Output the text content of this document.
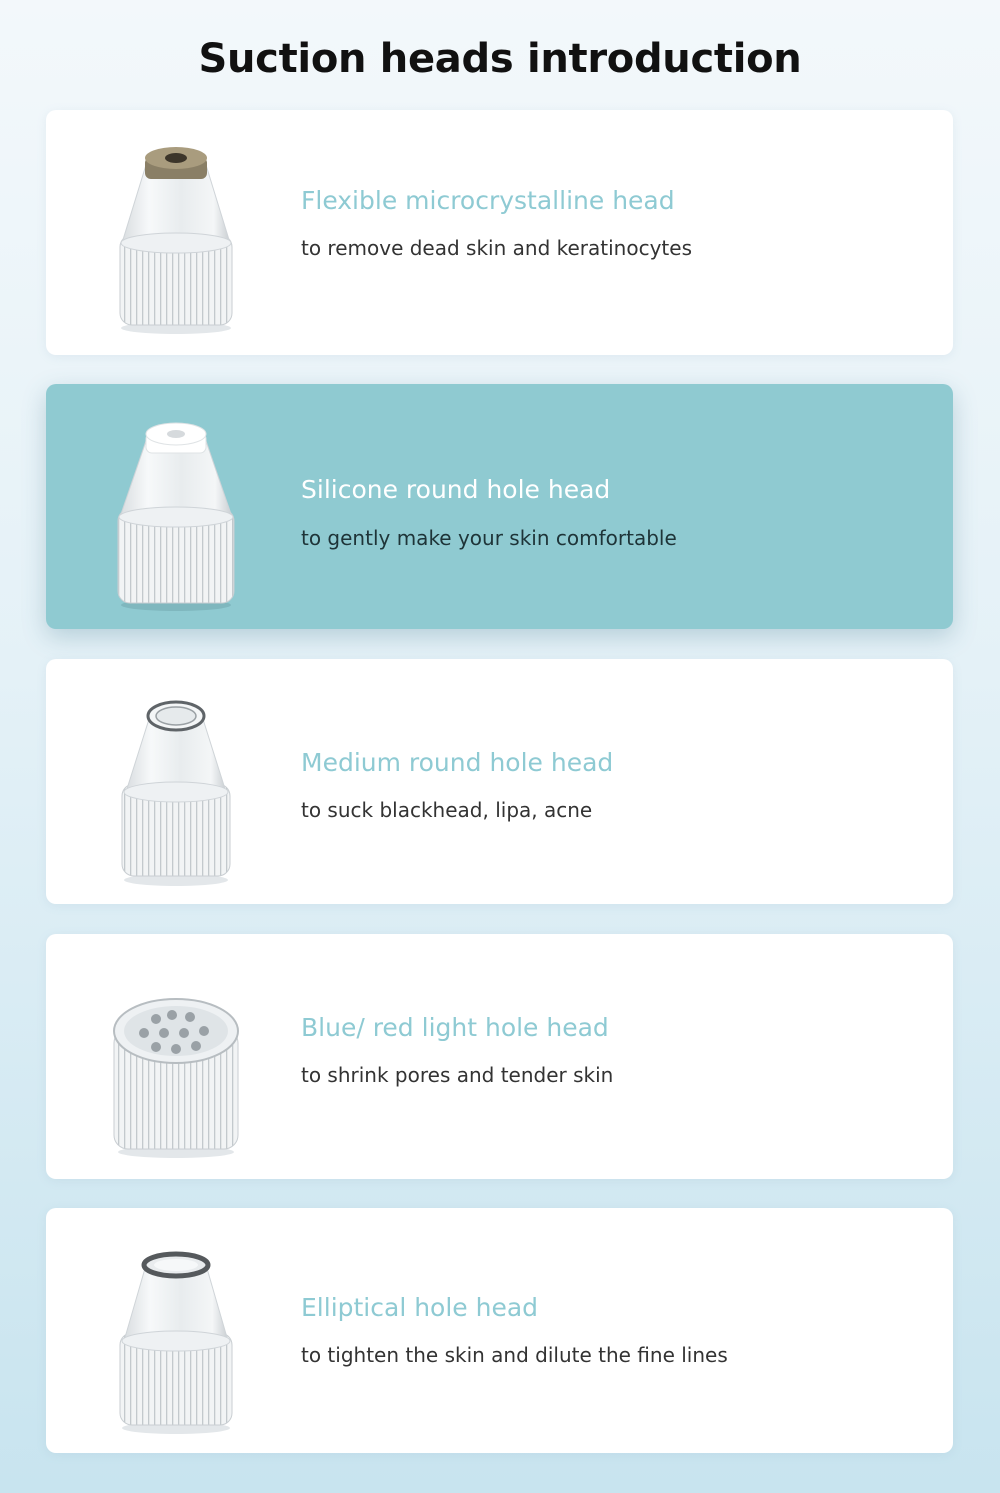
Suction heads introduction
Flexible microcrystalline head
to remove dead skin and keratinocytes
Silicone round hole head
to gently make your skin comfortable
Medium round hole head
to suck blackhead, lipa, acne
Blue/ red light hole head
to shrink pores and tender skin
Elliptical hole head
to tighten the skin and dilute the fine lines
